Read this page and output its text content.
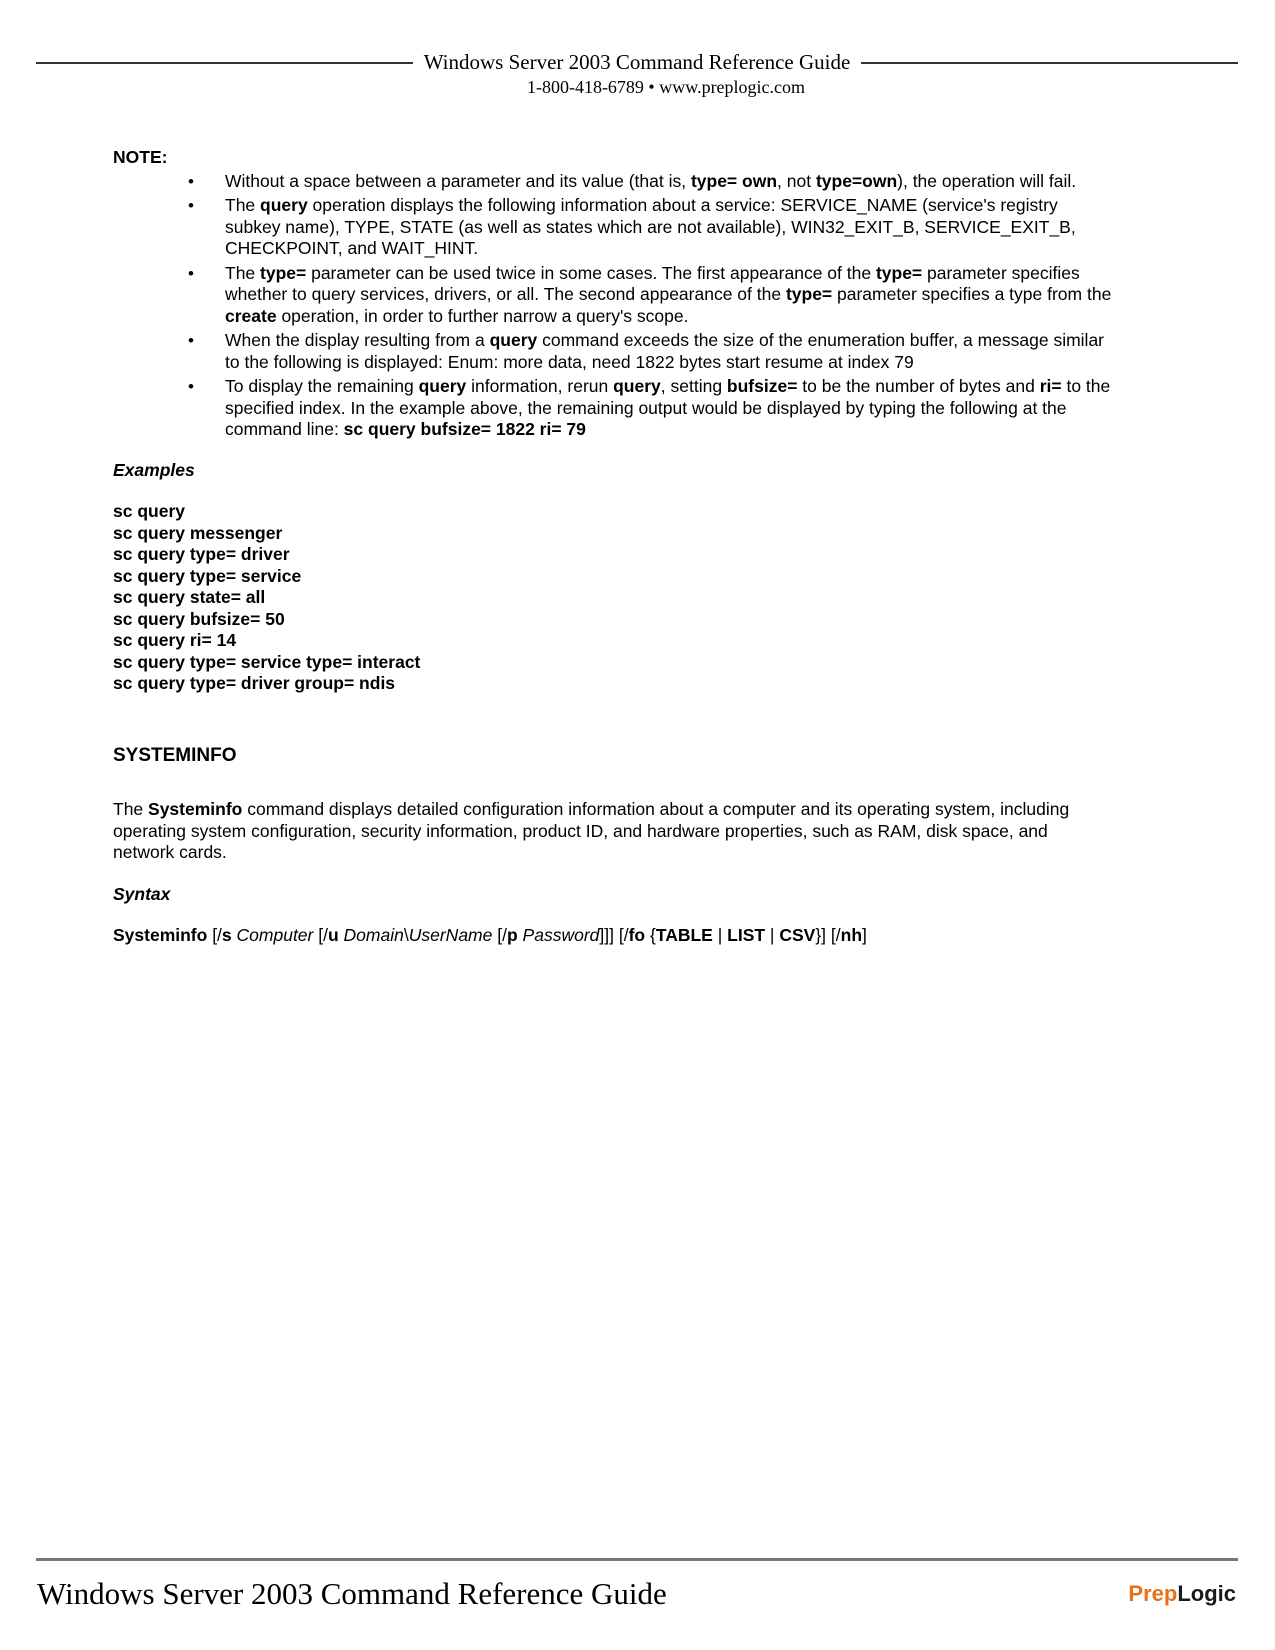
Windows Server 2003 Command Reference Guide
1-800-418-6789 • www.preplogic.com

NOTE:

• Without a space between a parameter and its value (that is, type= own, not type=own), the operation will fail.
• The query operation displays the following information about a service: SERVICE_NAME (service's registry subkey name), TYPE, STATE (as well as states which are not available), WIN32_EXIT_B, SERVICE_EXIT_B, CHECKPOINT, and WAIT_HINT.
• The type= parameter can be used twice in some cases. The first appearance of the type= parameter specifies whether to query services, drivers, or all. The second appearance of the type= parameter specifies a type from the create operation, in order to further narrow a query's scope.
• When the display resulting from a query command exceeds the size of the enumeration buffer, a message similar to the following is displayed: Enum: more data, need 1822 bytes start resume at index 79
• To display the remaining query information, rerun query, setting bufsize= to be the number of bytes and ri= to the specified index. In the example above, the remaining output would be displayed by typing the following at the command line: sc query bufsize= 1822 ri= 79

Examples

sc query
sc query messenger
sc query type= driver
sc query type= service
sc query state= all
sc query bufsize= 50
sc query ri= 14
sc query type= service type= interact
sc query type= driver group= ndis

SYSTEMINFO

The Systeminfo command displays detailed configuration information about a computer and its operating system, including operating system configuration, security information, product ID, and hardware properties, such as RAM, disk space, and network cards.

Syntax

Systeminfo [/s Computer [/u Domain\UserName [/p Password]]] [/fo {TABLE | LIST | CSV}] [/nh]

Windows Server 2003 Command Reference Guide	PrepLogic
